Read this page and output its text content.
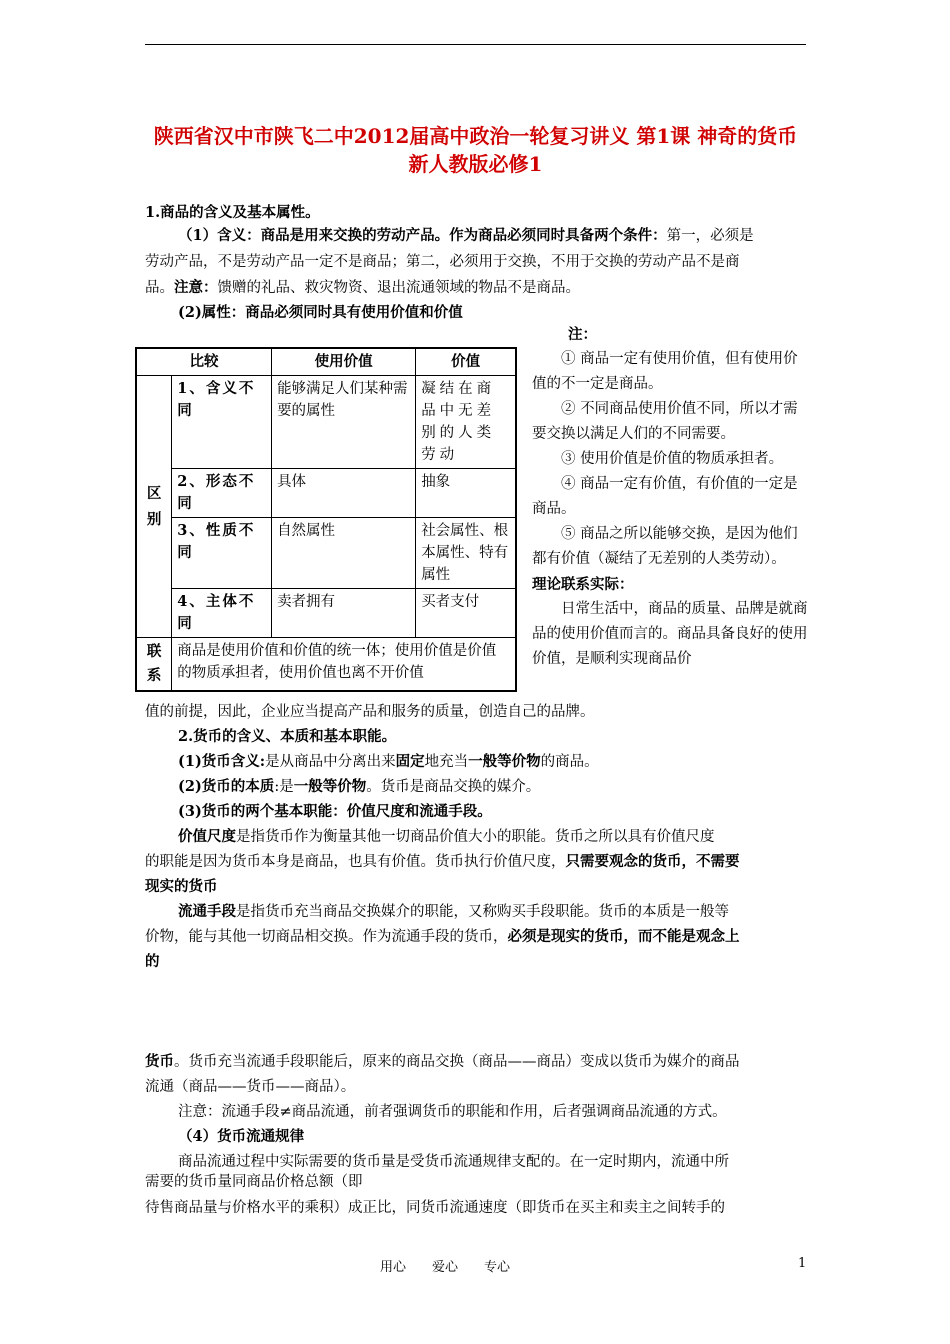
陕西省汉中市陕飞二中2012届高中政治一轮复习讲义 第1课 神奇的货币 新人教版必修1
1.商品的含义及基本属性。
（1）含义：商品是用来交换的劳动产品。作为商品必须同时具备两个条件：第一，必须是
劳动产品，不是劳动产品一定不是商品；第二，必须用于交换，不用于交换的劳动产品不是商
品。注意：馈赠的礼品、救灾物资、退出流通领域的物品不是商品。
(2)属性：商品必须同时具有使用价值和价值
比较		使用价值	价值
区别	1、含义不同	能够满足人们某种需要的属性	凝结在商品中无差别的人类劳动
	2、形态不同	具体	抽象
	3、性质不同	自然属性	社会属性、根本属性、特有属性
	4、主体不同	卖者拥有	买者支付
联系	商品是使用价值和价值的统一体；使用价值是价值的物质承担者，使用价值也离不开价值		

注：

① 商品一定有使用价值，但有使用价值的不一定是商品。

② 不同商品使用价值不同，所以才需要交换以满足人们的不同需要。

③ 使用价值是价值的物质承担者。

④ 商品一定有价值，有价值的一定是商品。

⑤ 商品之所以能够交换，是因为他们都有价值（凝结了无差别的人类劳动）。

理论联系实际：

日常生活中，商品的质量、品牌是就商品的使用价值而言的。商品具备良好的使用价值，是顺利实现商品价

值的前提，因此，企业应当提高产品和服务的质量，创造自己的品牌。
2.货币的含义、本质和基本职能。
(1)货币含义:是从商品中分离出来固定地充当一般等价物的商品。
(2)货币的本质:是一般等价物。货币是商品交换的媒介。
(3)货币的两个基本职能：价值尺度和流通手段。
价值尺度是指货币作为衡量其他一切商品价值大小的职能。货币之所以具有价值尺度
的职能是因为货币本身是商品，也具有价值。货币执行价值尺度，只需要观念的货币，不需要
现实的货币
流通手段是指货币充当商品交换媒介的职能，又称购买手段职能。货币的本质是一般等
价物，能与其他一切商品相交换。作为流通手段的货币，必须是现实的货币，而不能是观念上
的
货币。货币充当流通手段职能后，原来的商品交换（商品——商品）变成以货币为媒介的商品
流通（商品——货币——商品）。
注意：流通手段≠商品流通，前者强调货币的职能和作用，后者强调商品流通的方式。
（4）货币流通规律
商品流通过程中实际需要的货币量是受货币流通规律支配的。在一定时期内，流通中所
需要的货币量同商品价格总额（即
待售商品量与价格水平的乘积）成正比，同货币流通速度（即货币在买主和卖主之间转手的
用心　　爱心　　专心	1
